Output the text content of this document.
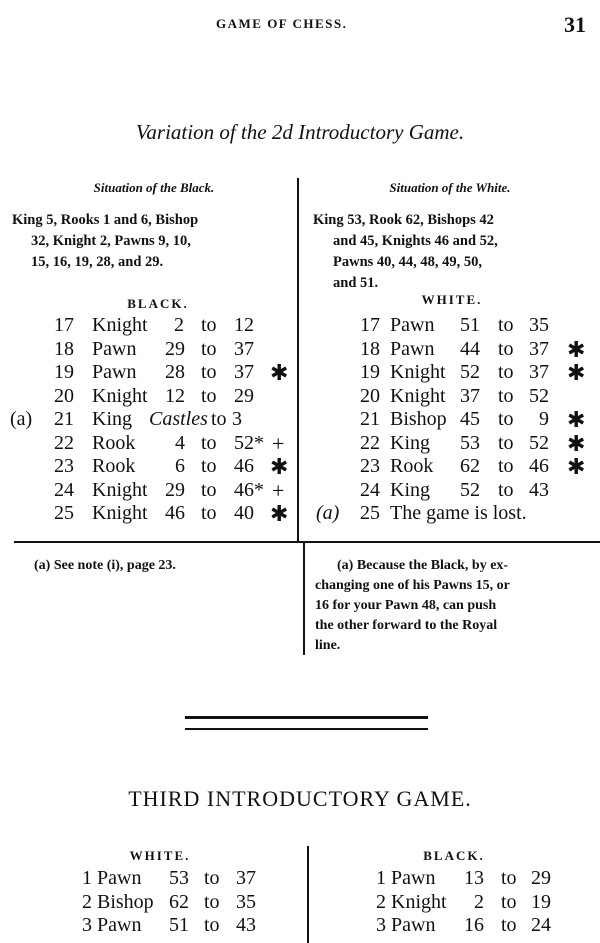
GAME OF CHESS.	31
Variation of the 2d Introductory Game.
Situation of the Black.	Situation of the White.
King 5, Rooks 1 and 6, Bishop
32, Knight 2, Pawns 9, 10,
15, 16, 19, 28, and 29.
King 53, Rook 62, Bishops 42
and 45, Knights 46 and 52,
Pawns 40, 44, 48, 49, 50,
and 51.
BLACK.	WHITE.
17 Knight 2 to 12
18 Pawn 29 to 37
19 Pawn 28 to 37 ✱
20 Knight 12 to 29
(a) 21 King Castles to 3
22 Rook 4 to 52* +
23 Rook 6 to 46 ✱
24 Knight 29 to 46* +
25 Knight 46 to 40 ✱
17 Pawn 51 to 35
18 Pawn 44 to 37 ✱
19 Knight 52 to 37 ✱
20 Knight 37 to 52
21 Bishop 45 to 9 ✱
22 King 53 to 52 ✱
23 Rook 62 to 46 ✱
24 King 52 to 43
(a) 25 The game is lost.
(a) See note (i), page 23.	(a) Because the Black, by ex-
changing one of his Pawns 15, or
16 for your Pawn 48, can push
the other forward to the Royal
line.
THIRD INTRODUCTORY GAME.
WHITE.	BLACK.
1 Pawn 53 to 37
2 Bishop 62 to 35
3 Pawn 51 to 43
1 Pawn 13 to 29
2 Knight 2 to 19
3 Pawn 16 to 24
